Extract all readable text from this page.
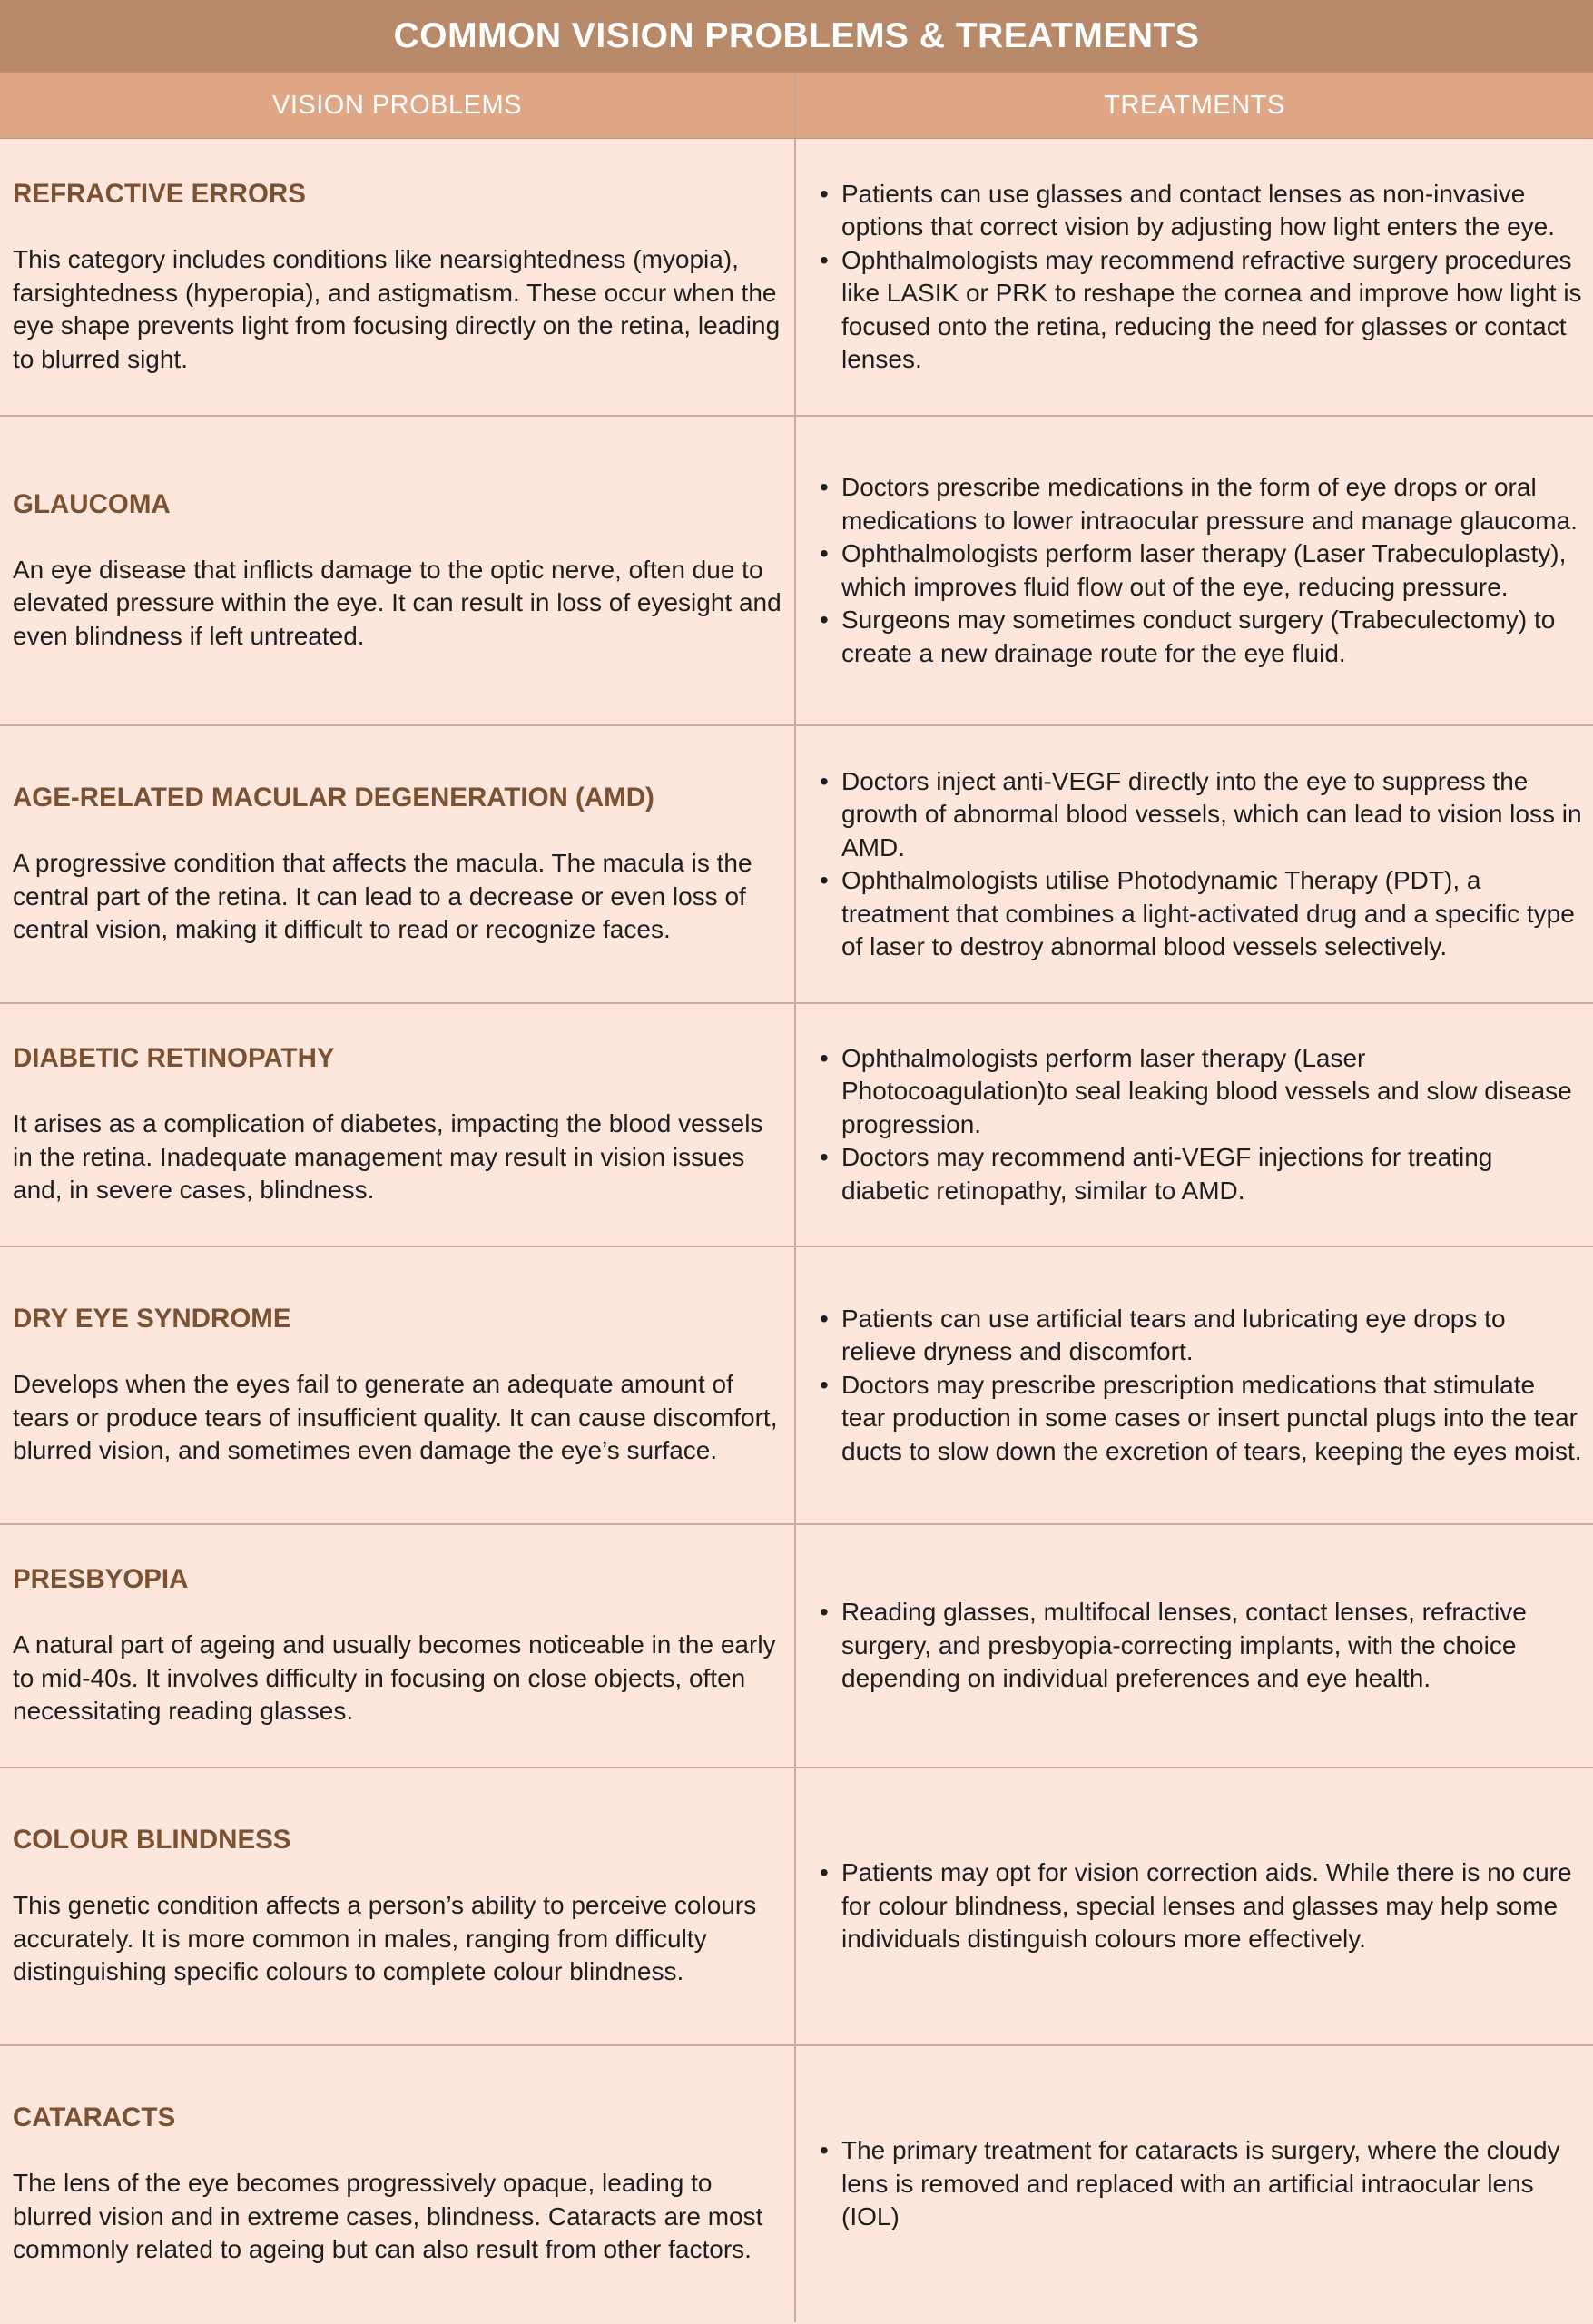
COMMON VISION PROBLEMS & TREATMENTS
VISION PROBLEMS	TREATMENTS
REFRACTIVE ERRORS
This category includes conditions like nearsightedness (myopia), farsightedness (hyperopia), and astigmatism. These occur when the eye shape prevents light from focusing directly on the retina, leading to blurred sight.
• Patients can use glasses and contact lenses as non-invasive options that correct vision by adjusting how light enters the eye.
• Ophthalmologists may recommend refractive surgery procedures like LASIK or PRK to reshape the cornea and improve how light is focused onto the retina, reducing the need for glasses or contact lenses.
GLAUCOMA
An eye disease that inflicts damage to the optic nerve, often due to elevated pressure within the eye. It can result in loss of eyesight and even blindness if left untreated.
• Doctors prescribe medications in the form of eye drops or oral medications to lower intraocular pressure and manage glaucoma.
• Ophthalmologists perform laser therapy (Laser Trabeculoplasty), which improves fluid flow out of the eye, reducing pressure.
• Surgeons may sometimes conduct surgery (Trabeculectomy) to create a new drainage route for the eye fluid.
AGE-RELATED MACULAR DEGENERATION (AMD)
A progressive condition that affects the macula. The macula is the central part of the retina. It can lead to a decrease or even loss of central vision, making it difficult to read or recognize faces.
• Doctors inject anti-VEGF directly into the eye to suppress the growth of abnormal blood vessels, which can lead to vision loss in AMD.
• Ophthalmologists utilise Photodynamic Therapy (PDT), a treatment that combines a light-activated drug and a specific type of laser to destroy abnormal blood vessels selectively.
DIABETIC RETINOPATHY
It arises as a complication of diabetes, impacting the blood vessels in the retina. Inadequate management may result in vision issues and, in severe cases, blindness.
• Ophthalmologists perform laser therapy (Laser Photocoagulation)to seal leaking blood vessels and slow disease progression.
• Doctors may recommend anti-VEGF injections for treating diabetic retinopathy, similar to AMD.
DRY EYE SYNDROME
Develops when the eyes fail to generate an adequate amount of tears or produce tears of insufficient quality. It can cause discomfort, blurred vision, and sometimes even damage the eye’s surface.
• Patients can use artificial tears and lubricating eye drops to relieve dryness and discomfort.
• Doctors may prescribe prescription medications that stimulate tear production in some cases or insert punctal plugs into the tear ducts to slow down the excretion of tears, keeping the eyes moist.
PRESBYOPIA
A natural part of ageing and usually becomes noticeable in the early to mid-40s. It involves difficulty in focusing on close objects, often necessitating reading glasses.
• Reading glasses, multifocal lenses, contact lenses, refractive surgery, and presbyopia-correcting implants, with the choice depending on individual preferences and eye health.
COLOUR BLINDNESS
This genetic condition affects a person’s ability to perceive colours accurately. It is more common in males, ranging from difficulty distinguishing specific colours to complete colour blindness.
• Patients may opt for vision correction aids. While there is no cure for colour blindness, special lenses and glasses may help some individuals distinguish colours more effectively.
CATARACTS
The lens of the eye becomes progressively opaque, leading to blurred vision and in extreme cases, blindness. Cataracts are most commonly related to ageing but can also result from other factors.
• The primary treatment for cataracts is surgery, where the cloudy lens is removed and replaced with an artificial intraocular lens (IOL)
